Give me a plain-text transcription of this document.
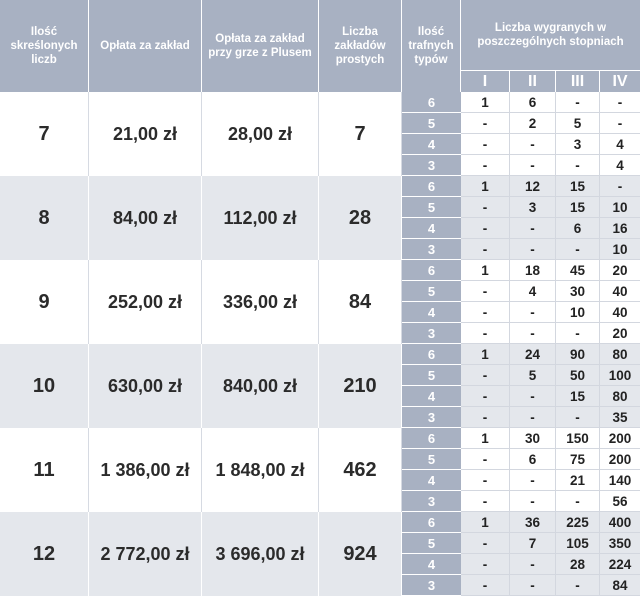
Ilość skreślonych liczb	Opłata za zakład	Opłata za zakład przy grze z Plusem	Liczba zakładów prostych	Ilość trafnych typów	Liczba wygranych w poszczególnych stopniach			
					I	II	III	IV
7	21,00 zł	28,00 zł	7	6	1	6	-	-
				5	-	2	5	-
				4	-	-	3	4
				3	-	-	-	4
8	84,00 zł	112,00 zł	28	6	1	12	15	-
				5	-	3	15	10
				4	-	-	6	16
				3	-	-	-	10
9	252,00 zł	336,00 zł	84	6	1	18	45	20
				5	-	4	30	40
				4	-	-	10	40
				3	-	-	-	20
10	630,00 zł	840,00 zł	210	6	1	24	90	80
				5	-	5	50	100
				4	-	-	15	80
				3	-	-	-	35
11	1 386,00 zł	1 848,00 zł	462	6	1	30	150	200
				5	-	6	75	200
				4	-	-	21	140
				3	-	-	-	56
12	2 772,00 zł	3 696,00 zł	924	6	1	36	225	400
				5	-	7	105	350
				4	-	-	28	224
				3	-	-	-	84
